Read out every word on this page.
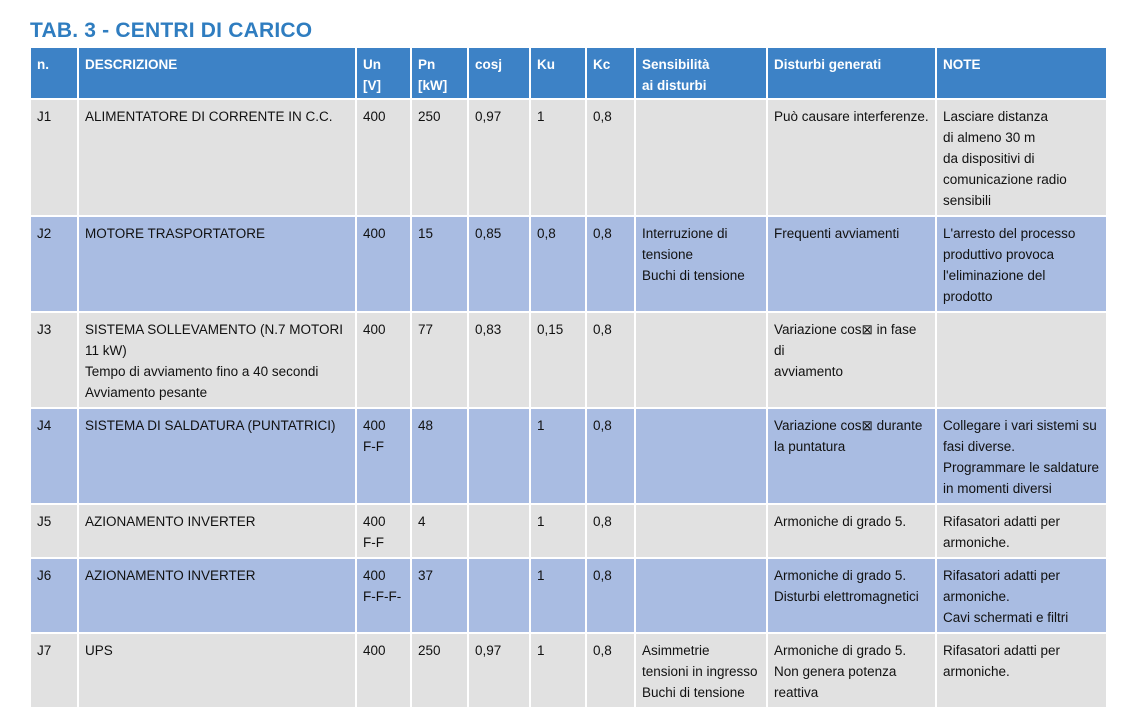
TAB. 3 - CENTRI DI CARICO
n.	DESCRIZIONE	Un
[V]	Pn
[kW]	cosj	Ku	Kc	Sensibilità
ai disturbi	Disturbi generati	NOTE
J1	ALIMENTATORE DI CORRENTE IN C.C.	400	250	0,97	1	0,8		Può causare interferenze.	Lasciare distanza
di almeno 30 m
da dispositivi di
comunicazione radio
sensibili
J2	MOTORE TRASPORTATORE	400	15	0,85	0,8	0,8	Interruzione di
tensione
Buchi di tensione	Frequenti avviamenti	L'arresto del processo
produttivo provoca
l'eliminazione del
prodotto
J3	SISTEMA SOLLEVAMENTO (N.7 MOTORI 11 kW)
Tempo di avviamento fino a 40 secondi
Avviamento pesante	400	77	0,83	0,15	0,8		Variazione cos⊠ in fase di
avviamento	
J4	SISTEMA DI SALDATURA (PUNTATRICI)	400
F-F	48		1	0,8		Variazione cos⊠ durante
la puntatura	Collegare i vari sistemi su
fasi diverse.
Programmare le saldature
in momenti diversi
J5	AZIONAMENTO INVERTER	400
F-F	4		1	0,8		Armoniche di grado 5.	Rifasatori adatti per
armoniche.
J6	AZIONAMENTO INVERTER	400
F-F-F-	37		1	0,8		Armoniche di grado 5.
Disturbi elettromagnetici	Rifasatori adatti per
armoniche.
Cavi schermati e filtri
J7	UPS	400	250	0,97	1	0,8	Asimmetrie
tensioni in ingresso
Buchi di tensione	Armoniche di grado 5.
Non genera potenza
reattiva	Rifasatori adatti per
armoniche.
